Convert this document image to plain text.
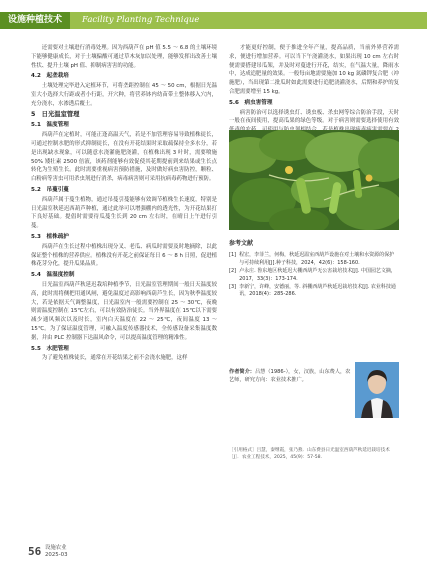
设施种植技术	Facility Planting Technique

还需要对土壤进行消毒处理。因为西葫芦在 pH 值 5.5 ～ 6.8 的土壤环境下能够健康成长，对于土壤偏酸可通过草木灰加以处理，能够发挥出改善土壤性状、提升土壤 pH 值、抑制病害害的功能。

4.2　起垄栽培

土壤处理完毕进入定植环节，可将垄距控制在 45 ～ 50 cm，根据日光温室大小选择大行距或者小行距，开穴种，将营养钵内幼苗带土整体移入穴内，充分浇水，水渗透后覆土。

5　日光温室管理

5.1　温度管理

西葫芦在定植时，可能正逢高温天气，若是不加管理容易导致植株徒长，可通过控制水肥的形式抑制徒长，在没有开花结果时采取疏保持全多水分，若是出现缺水现象，可以随意水浇灌施肥浇灌，在植株出现 3 叶时，需要喷施 50% 矮壮素 2500 倍液，该药剂能够有效促使其花期提前到来结果或生长点转化为生殖生长。此时需要重视病害预防措施，及时做好病虫害防控，颗粒、白粉病等害虫可用杀虫剂进行消杀，病毒病害则可采用抗病毒药物进行预防。

5.2　吊蔓引蔓

西葫芦属于蔓生植物，通过吊蔓引蔓能够有效调节植株生长速度，特别是日光温室秋延迟西葫芦种植，通过此举可以增强棚内的透光性，为开花结果打下良好基础。提倡时需要待瓜蔓生长到 20 cm 左右时，在晴日上午进行引蔓。

5.3　植株疏护

西葫芦在生长过程中植株出现分叉、老瓜、病瓜时需要及时地摘除，以此保证整个植株的营养供应。植株没有开花之前保证每日 6 ～ 8 h 日照，促进植株花芽分化，提升瓜果品质。

5.4　温湿度控制

日光温室西葫芦秋延迟栽培种植季节，日光温室管理期间一般日天温度较高，此时需将侧把用通风闸，避免温度过高影响西葫芦生长，因为秋季温度较大，若是依据天气调整温度，日光温室内一般需要控制在 25 ～ 30℃，夜晚则需温度控制在 15℃左右，可以有效防治徒长。当外界温度在 15℃以下需要减少通风频次以及时长，室内白天温度在 22 ～ 25℃，夜间温度 13 ～ 15℃。为了保证温度管理，可融入温度传感器技术，全传感设备采集温度数据，并由 PLC 控制器下达温风命令，可以提高温度管理的精准性。

5.5　水肥管理

为了避免植株徒长，通常在开花结果之前不会浇水施肥，这样

才能更好控制，便于推进全年产量，提高品质，当前外界营养需求，便进行增加营养。可以当下午浇灌浇水，如果出现 10 cm 左右时便需要搭建吊瓜架，并及时对蔓进行开花，结实，在气温大量，降雨水中，达成追肥量的效果。一般每亩地需要施加 10 kg 氮磷钾复合肥（冲施肥），当出现第二批瓜时如此需要进行追肥浇灌浇水，后期和养护的复合肥需要增至 15 kg。

5.6　病虫害管理

病害防治可以选择诱虫灯、诱虫板、杀虫网等综合防治手段，天时一般在夜间使用，提高瓜果的绿色等级。对于病害则需要选择使用有效

参考文献
[1] 程宏，李菲兰，何梅，秋延迟温室西葫芦设施在对土壤和水资源的保护与可持续利用[J].种子科技，2024，42(6)：158-160.
[2] 卢永庄. 鲁东地区秋延迟大棚西葫芦无公害栽培技术[J]. 中国园艺文摘，2017，33(3)：173-174.
[3] 李新宁，许峰，安德丽，等. 斜棚西葫芦秋延迟栽培技术[J]. 农业科技通讯，2018(4)：285-286.
作者简介：吕慧（1986-），女，汉族，山东费人，农艺师，研究方向：农业技术推广。
［引用格式］吕慧，秦继霞，张乃燕．山东费县日光温室西葫芦秋延迟栽培技术［J］．农业工程技术，2025，45(9)：57-58.
56 设施农业
2025-03
